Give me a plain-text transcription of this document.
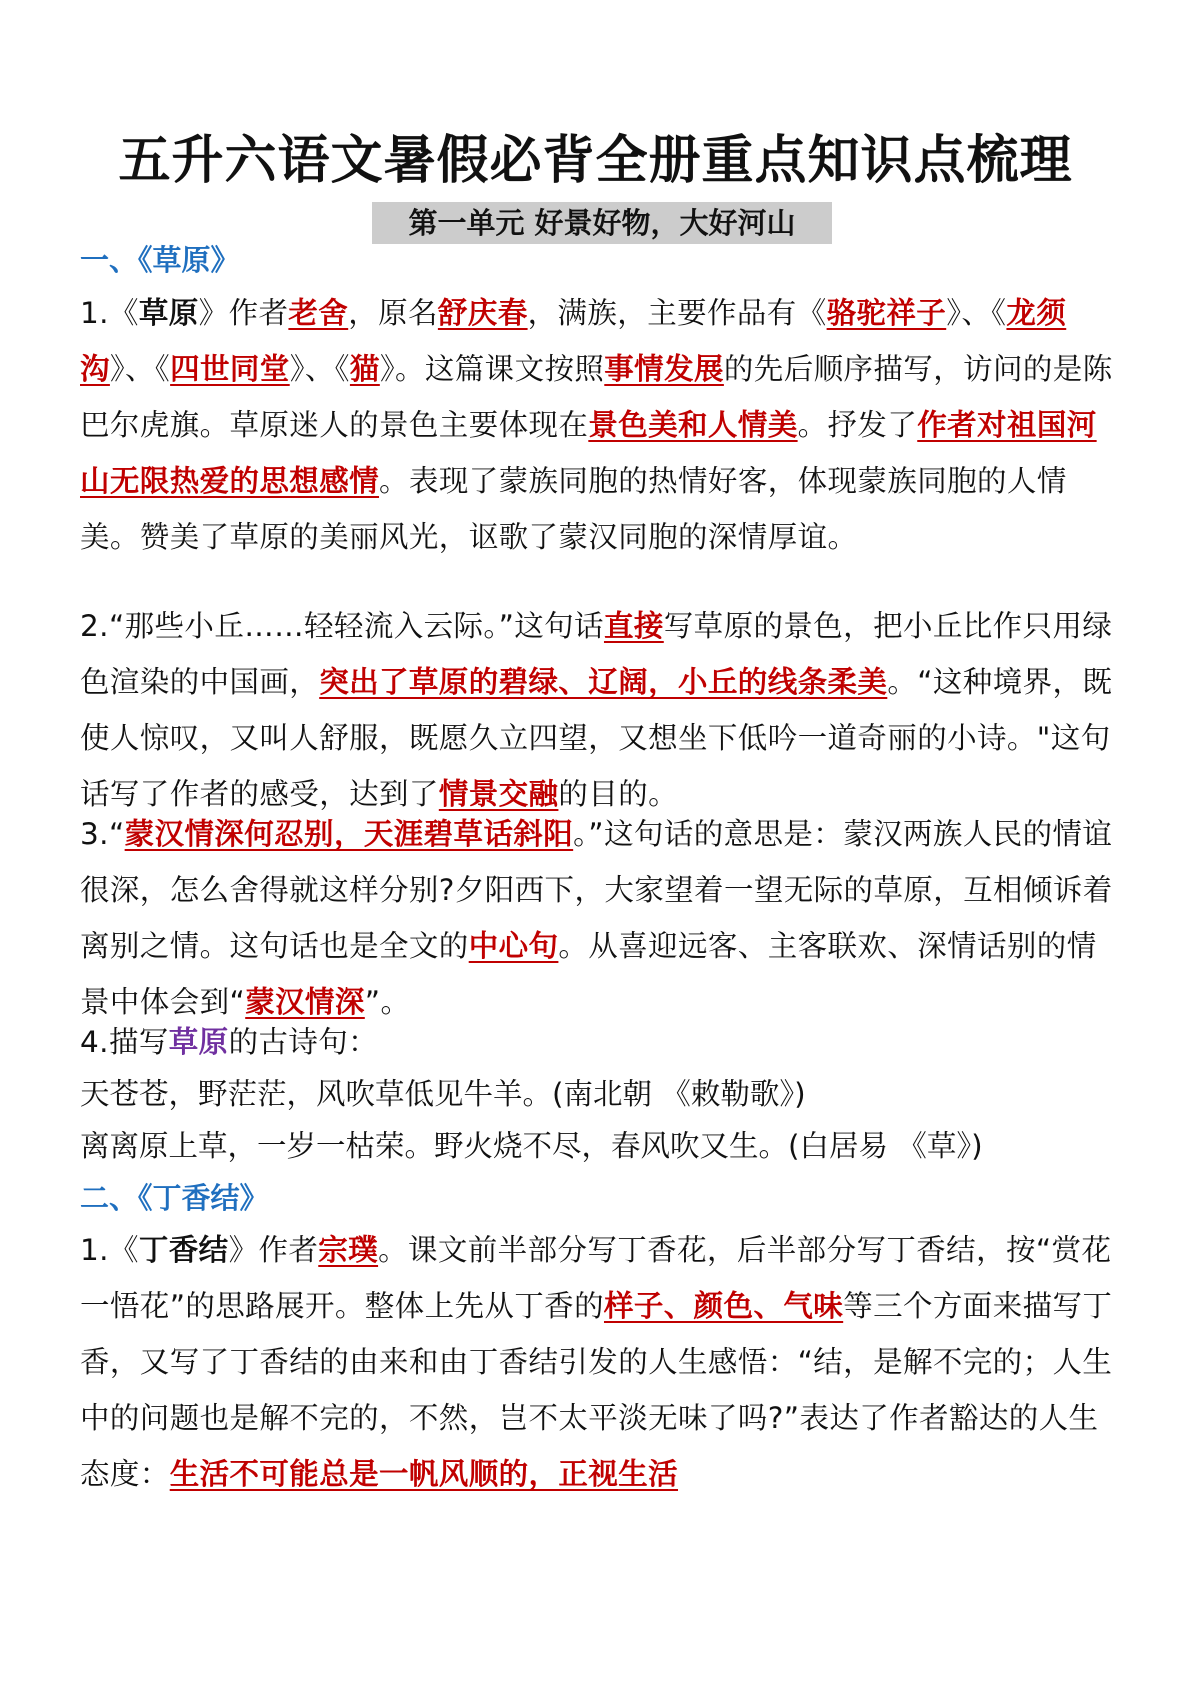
五升六语文暑假必背全册重点知识点梳理
第一单元 好景好物，大好河山
一、《草原》

1.《草原》作者老舍，原名舒庆春，满族，主要作品有《骆驼祥子》、《龙须沟》、《四世同堂》、《猫》。这篇课文按照事情发展的先后顺序描写，访问的是陈巴尔虎旗。草原迷人的景色主要体现在景色美和人情美。抒发了作者对祖国河山无限热爱的思想感情。表现了蒙族同胞的热情好客，体现蒙族同胞的人情美。赞美了草原的美丽风光，讴歌了蒙汉同胞的深情厚谊。

2.“那些小丘……轻轻流入云际。”这句话直接写草原的景色，把小丘比作只用绿色渲染的中国画，突出了草原的碧绿、辽阔，小丘的线条柔美。“这种境界，既使人惊叹，又叫人舒服，既愿久立四望，又想坐下低吟一道奇丽的小诗。"这句话写了作者的感受，达到了情景交融的目的。

3.“蒙汉情深何忍别，天涯碧草话斜阳。”这句话的意思是：蒙汉两族人民的情谊很深，怎么舍得就这样分别?夕阳西下，大家望着一望无际的草原，互相倾诉着离别之情。这句话也是全文的中心句。从喜迎远客、主客联欢、深情话别的情景中体会到“蒙汉情深”。

4.描写草原的古诗句：

天苍苍，野茫茫，风吹草低见牛羊。(南北朝 《敕勒歌》)

离离原上草，一岁一枯荣。野火烧不尽，春风吹又生。(白居易 《草》)

二、《丁香结》

1.《丁香结》作者宗璞。课文前半部分写丁香花，后半部分写丁香结，按“赏花一悟花”的思路展开。整体上先从丁香的样子、颜色、气味等三个方面来描写丁香，又写了丁香结的由来和由丁香结引发的人生感悟：“结，是解不完的；人生中的问题也是解不完的，不然，岂不太平淡无味了吗?”表达了作者豁达的人生态度：生活不可能总是一帆风顺的，正视生活
